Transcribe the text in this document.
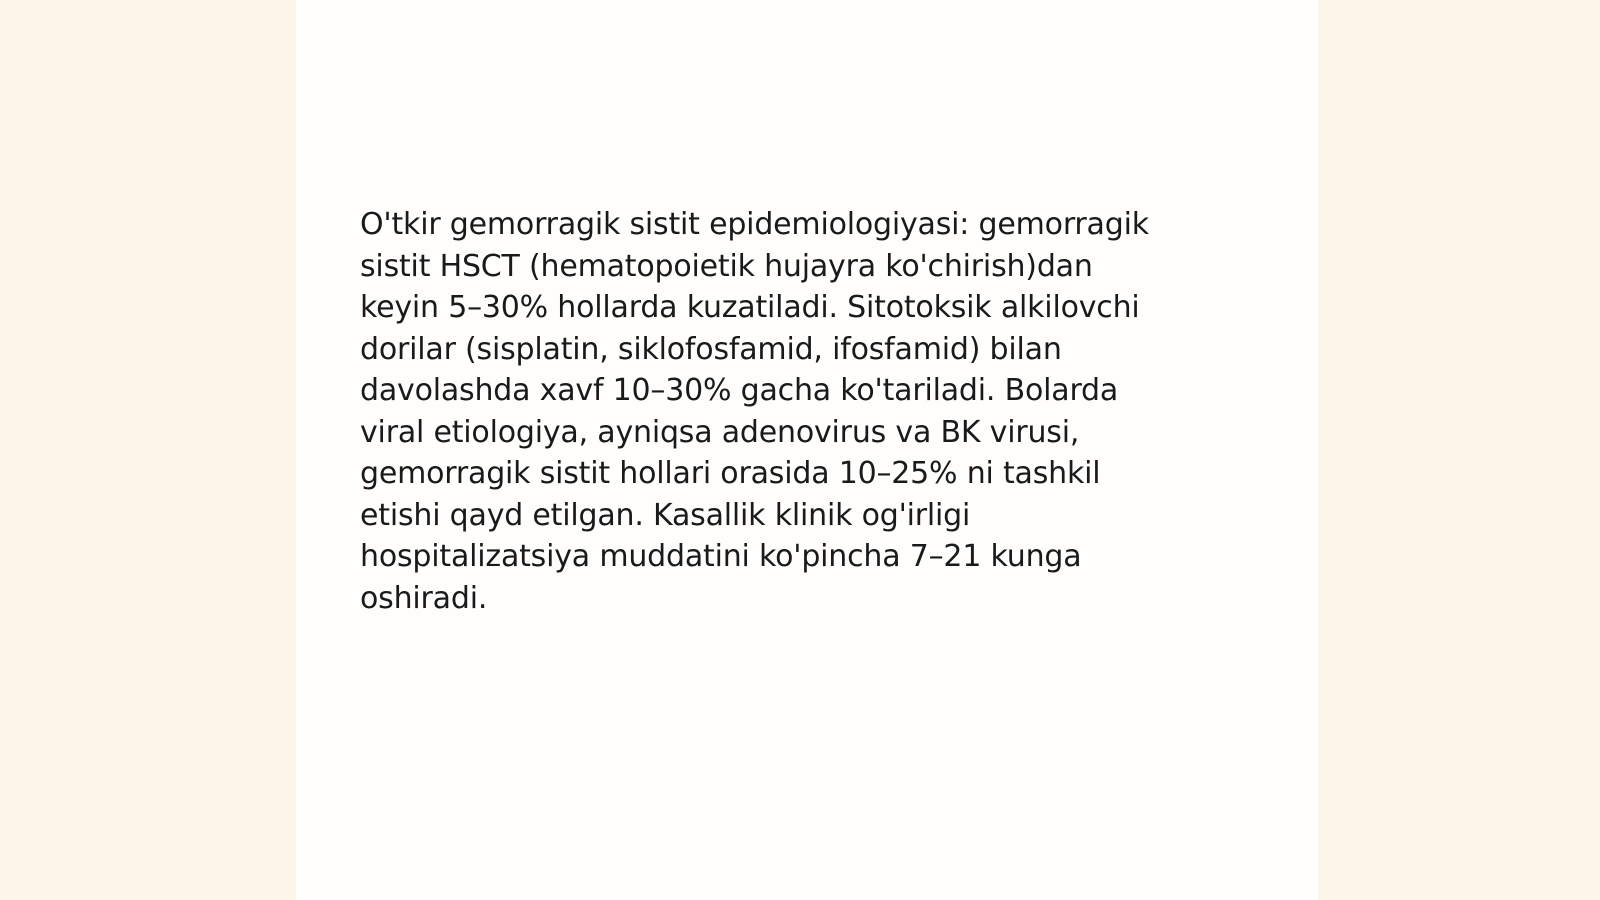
O'tkir gemorragik sistit epidemiologiyasi: gemorragik
sistit HSCT (hematopoietik hujayra ko'chirish)dan
keyin 5–30% hollarda kuzatiladi. Sitotoksik alkilovchi
dorilar (sisplatin, siklofosfamid, ifosfamid) bilan
davolashda xavf 10–30% gacha ko'tariladi. Bolarda
viral etiologiya, ayniqsa adenovirus va BK virusi,
gemorragik sistit hollari orasida 10–25% ni tashkil
etishi qayd etilgan. Kasallik klinik og'irligi
hospitalizatsiya muddatini ko'pincha 7–21 kunga
oshiradi.
